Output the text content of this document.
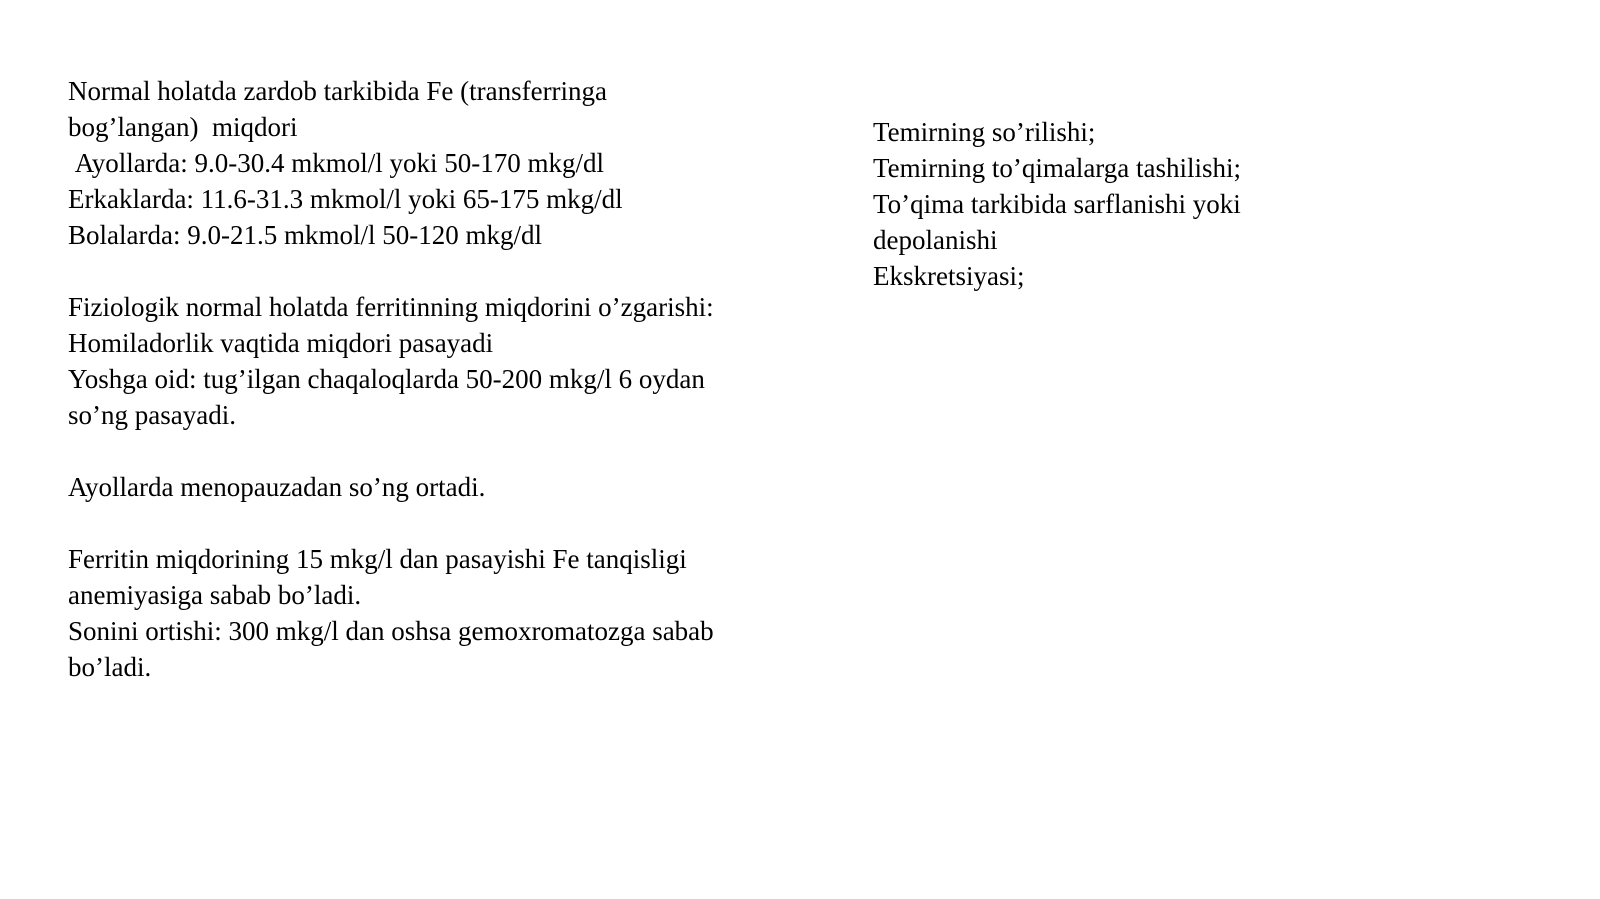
Normal holatda zardob tarkibida Fe (transferringa
bog’langan)  miqdori
Ayollarda: 9.0-30.4 mkmol/l yoki 50-170 mkg/dl
Erkaklarda: 11.6-31.3 mkmol/l yoki 65-175 mkg/dl
Bolalarda: 9.0-21.5 mkmol/l 50-120 mkg/dl
Fiziologik normal holatda ferritinning miqdorini o’zgarishi:
Homiladorlik vaqtida miqdori pasayadi
Yoshga oid: tug’ilgan chaqaloqlarda 50-200 mkg/l 6 oydan
so’ng pasayadi.
Ayollarda menopauzadan so’ng ortadi.
Ferritin miqdorining 15 mkg/l dan pasayishi Fe tanqisligi
anemiyasiga sabab bo’ladi.
Sonini ortishi: 300 mkg/l dan oshsa gemoxromatozga sabab
bo’ladi.
Temirning so’rilishi;
Temirning to’qimalarga tashilishi;
To’qima tarkibida sarflanishi yoki
depolanishi
Ekskretsiyasi;
